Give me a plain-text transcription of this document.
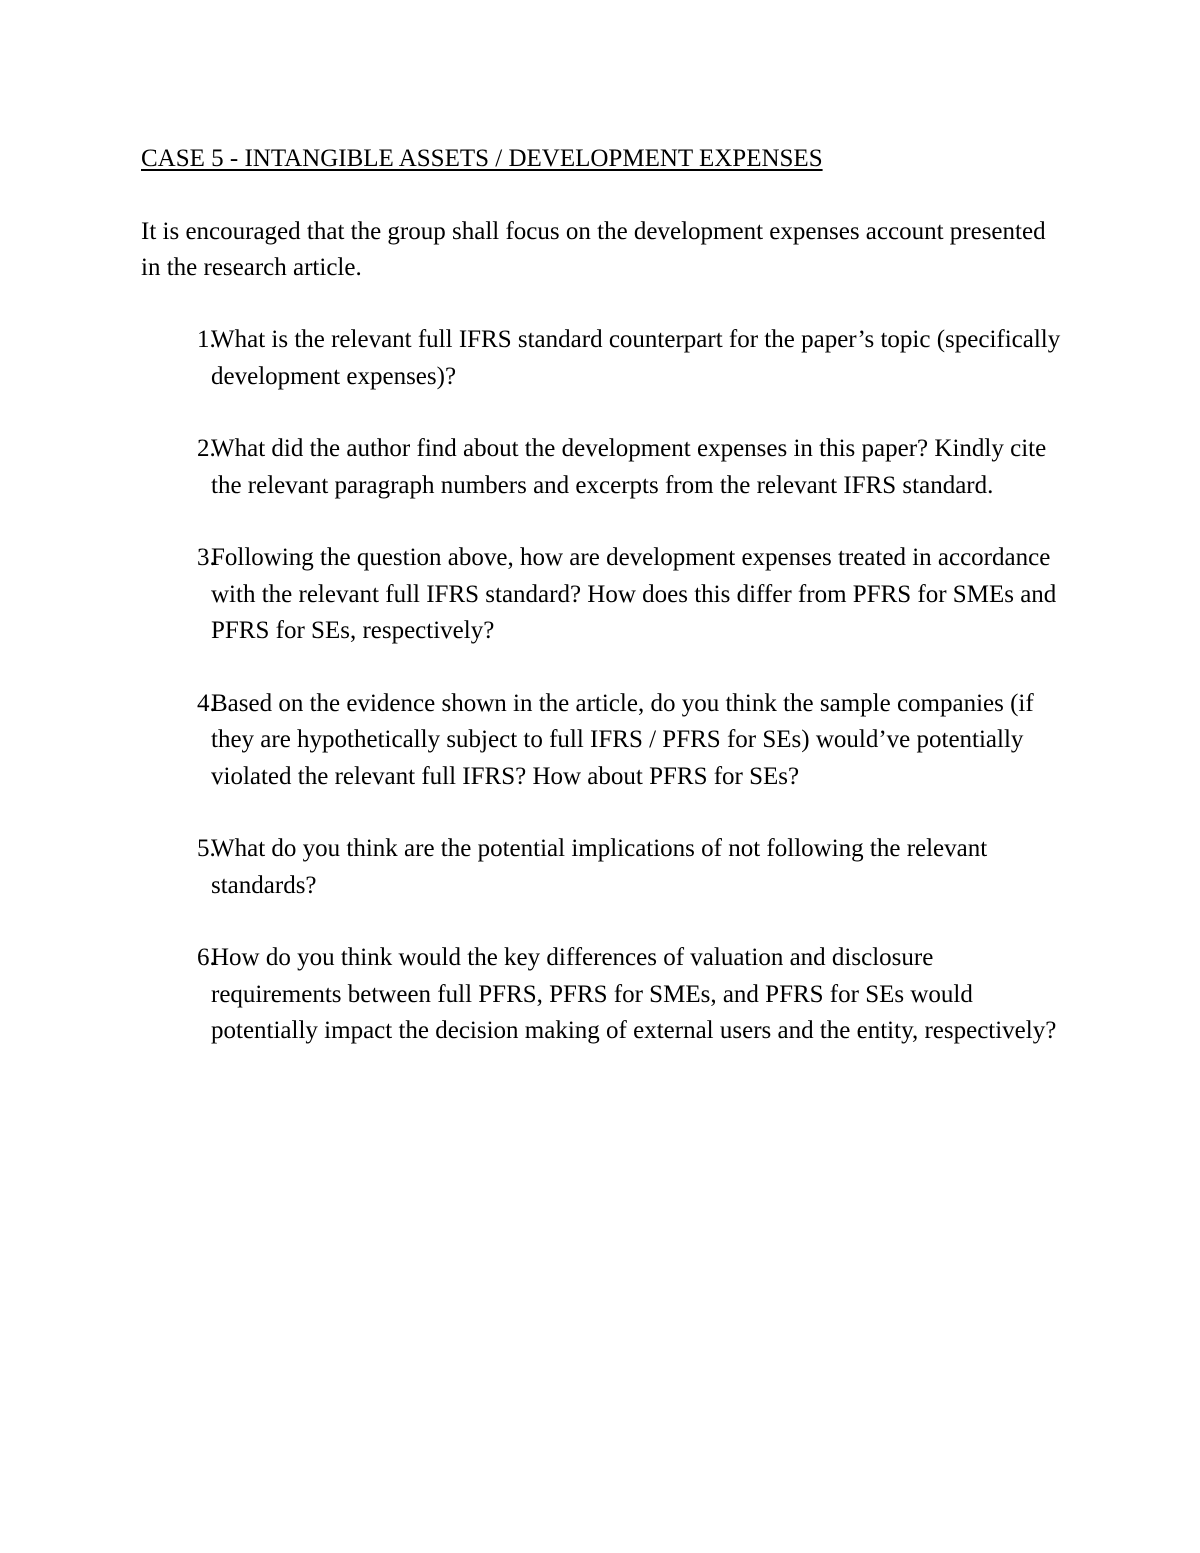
CASE 5 - INTANGIBLE ASSETS / DEVELOPMENT EXPENSES

It is encouraged that the group shall focus on the development expenses account presented in the research article.

1.
What is the relevant full IFRS standard counterpart for the paper’s topic (specifically development expenses)?
2.
What did the author find about the development expenses in this paper? Kindly cite the relevant paragraph numbers and excerpts from the relevant IFRS standard.
3.
Following the question above, how are development expenses treated in accordance with the relevant full IFRS standard? How does this differ from PFRS for SMEs and PFRS for SEs, respectively?
4.
Based on the evidence shown in the article, do you think the sample companies (if they are hypothetically subject to full IFRS / PFRS for SEs) would’ve potentially violated the relevant full IFRS? How about PFRS for SEs?
5.
What do you think are the potential implications of not following the relevant standards?
6.
How do you think would the key differences of valuation and disclosure requirements between full PFRS, PFRS for SMEs, and PFRS for SEs would potentially impact the decision making of external users and the entity, respectively?
